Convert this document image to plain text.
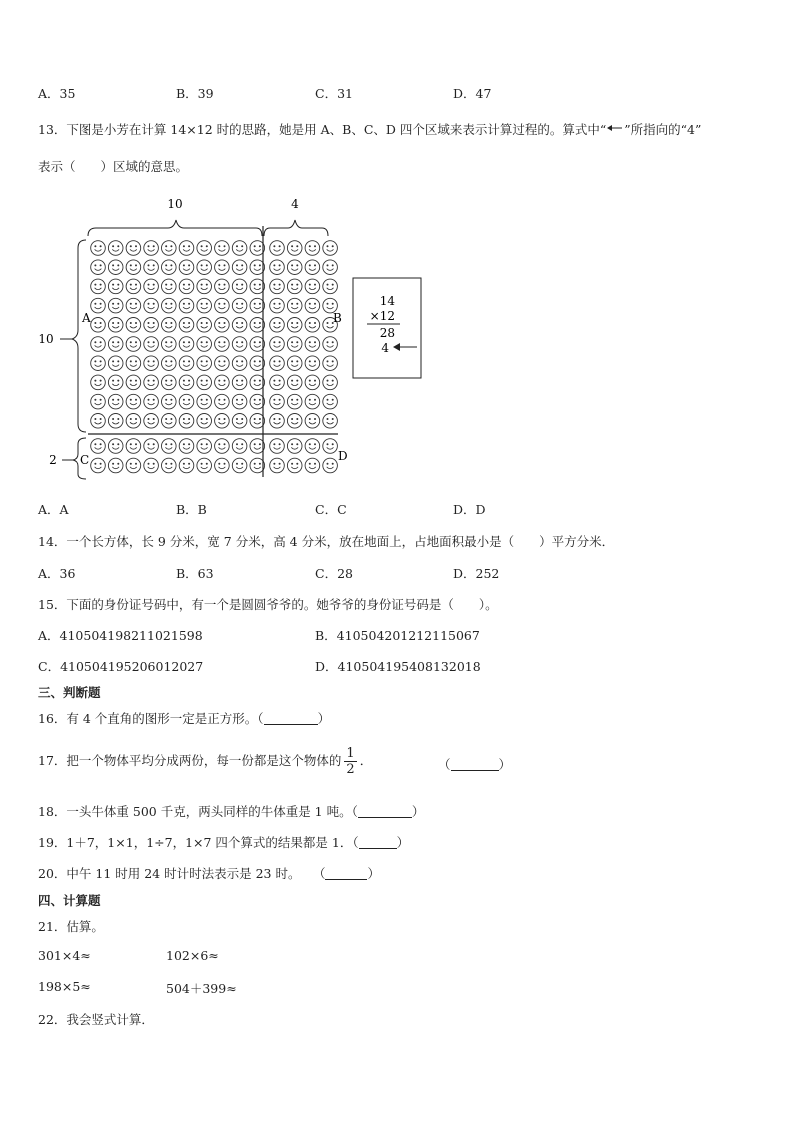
A．35	B．39	C．31	D．47
13．下图是小芳在计算 14×12 时的思路，她是用 A、B、C、D 四个区域来表示计算过程的。算式中“ ”所指向的“4”
表示（　　）区域的意思。
10	4
10
2
A	B
C	D
14
×12
28
4
A．A	B．B	C．C	D．D
14．一个长方体，长 9 分米，宽 7 分米，高 4 分米，放在地面上，占地面积最小是（　　）平方分米．
A．36	B．63	C．28	D．252
15．下面的身份证号码中，有一个是圆圆爷爷的。她爷爷的身份证号码是（　　）。
A．410504198211021598	B．410504201212115067
C．410504195206012027	D．410504195408132018
三、判断题
16．有 4 个直角的图形一定是正方形。（	）
17．把一个物体平均分成两份，每一份都是这个物体的 $\frac{1}{2}$ ．	（	）
18．一头牛体重 500 千克，两头同样的牛体重是 1 吨。（	）
19．1＋7，1×1，1÷7，1×7 四个算式的结果都是 1．（	）
20．中午 11 时用 24 时计时法表示是 23 时。　　（	）
四、计算题
21．估算。
301×4≈	102×6≈
198×5≈	504＋399≈
22．我会竖式计算．
